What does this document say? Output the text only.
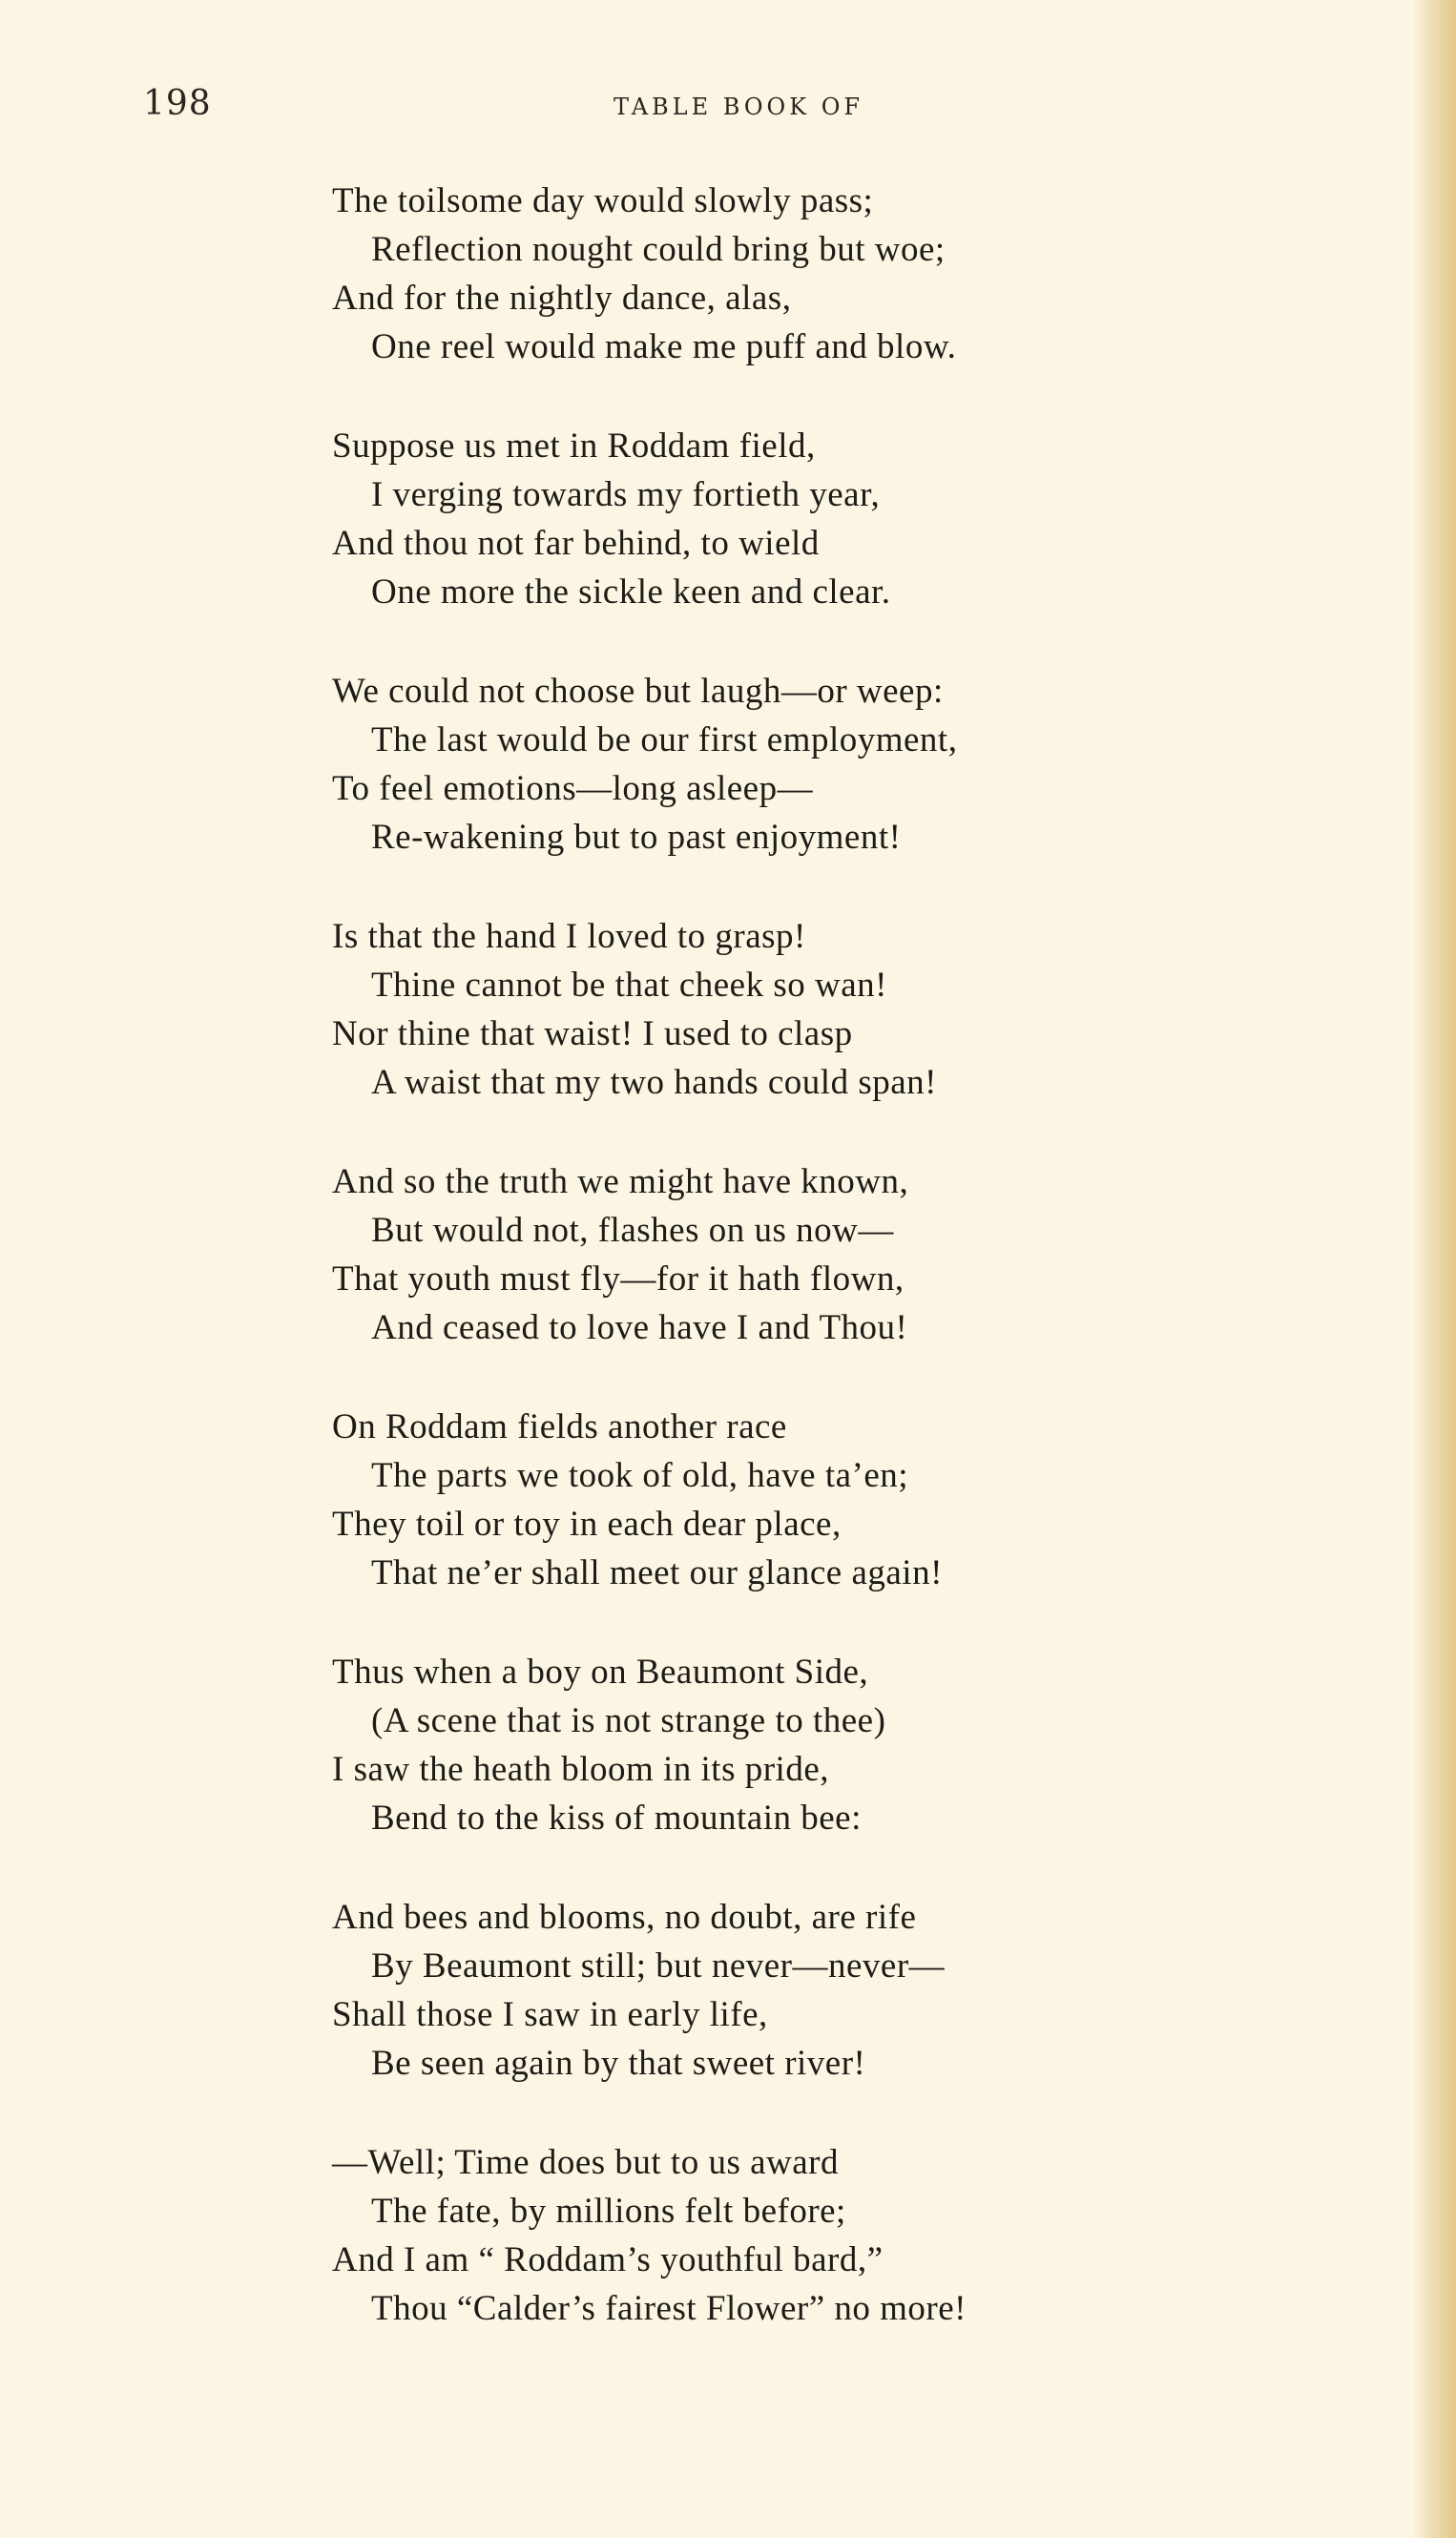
198	TABLE BOOK OF
The toilsome day would slowly pass;
Reflection nought could bring but woe;
And for the nightly dance, alas,
One reel would make me puff and blow.
Suppose us met in Roddam field,
I verging towards my fortieth year,
And thou not far behind, to wield
One more the sickle keen and clear.
We could not choose but laugh—or weep:
The last would be our first employment,
To feel emotions—long asleep—
Re-wakening but to past enjoyment!
Is that the hand I loved to grasp!
Thine cannot be that cheek so wan!
Nor thine that waist! I used to clasp
A waist that my two hands could span!
And so the truth we might have known,
But would not, flashes on us now—
That youth must fly—for it hath flown,
And ceased to love have I and Thou!
On Roddam fields another race
The parts we took of old, have ta’en;
They toil or toy in each dear place,
That ne’er shall meet our glance again!
Thus when a boy on Beaumont Side,
(A scene that is not strange to thee)
I saw the heath bloom in its pride,
Bend to the kiss of mountain bee:
And bees and blooms, no doubt, are rife
By Beaumont still; but never—never—
Shall those I saw in early life,
Be seen again by that sweet river!
—Well; Time does but to us award
The fate, by millions felt before;
And I am “ Roddam’s youthful bard,”
Thou “Calder’s fairest Flower” no more!
